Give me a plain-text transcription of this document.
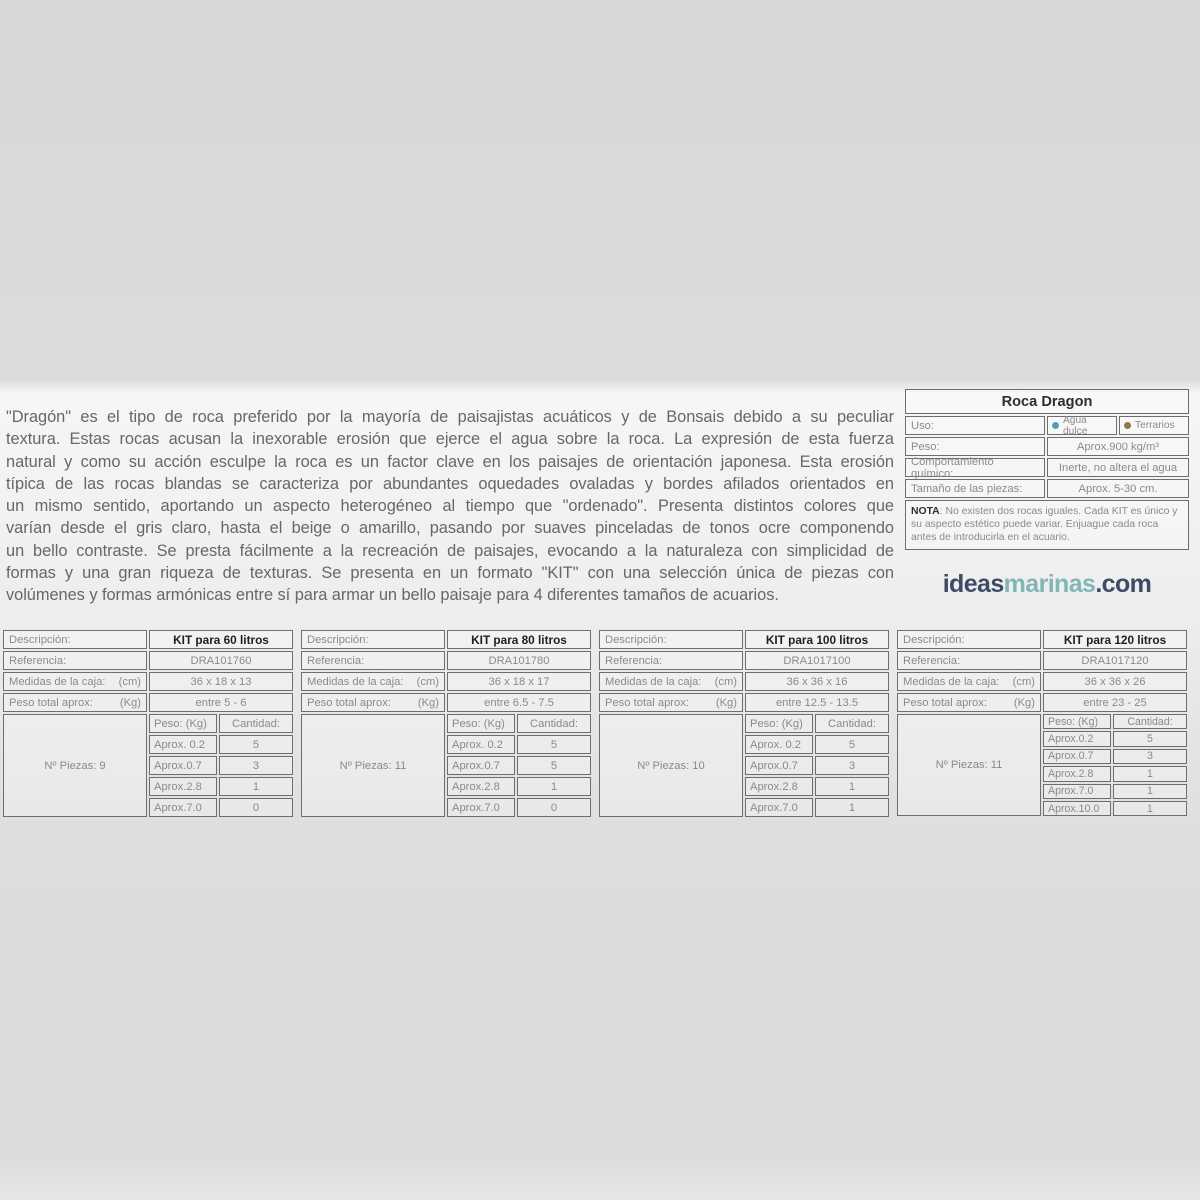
"Dragón" es el tipo de roca preferido por la mayoría de paisajistas acuáticos y de Bonsais debido a su peculiar
textura. Estas rocas acusan la inexorable erosión que ejerce el agua sobre la roca. La expresión de esta fuerza
natural y como su acción esculpe la roca es un factor clave en los paisajes de orientación japonesa. Esta erosión
típica de las rocas blandas se caracteriza por abundantes oquedades ovaladas y bordes afilados orientados en
un mismo sentido, aportando un aspecto heterogéneo al tiempo que "ordenado". Presenta distintos colores que
varían desde el gris claro, hasta el beige o amarillo, pasando por suaves pinceladas de tonos ocre componendo
un bello contraste. Se presta fácilmente a la recreación de paisajes, evocando a la naturaleza con simplicidad de
formas y una gran riqueza de texturas. Se presenta en un formato "KIT" con una selección única de piezas con
volúmenes y formas armónicas entre sí para armar un bello paisaje para 4 diferentes tamaños de acuarios.
Roca Dragon
Uso:	Agua dulce	Terrarios
Peso:	Aprox.900 kg/m³
Comportamiento químico:	Inerte, no altera el agua
Tamaño de las piezas:	Aprox. 5-30 cm.
NOTA: No existen dos rocas iguales. Cada KIT es único y su aspecto estético puede variar. Enjuague cada roca antes de introducirla en el acuario.
ideasmarinas.com
Descripción:	KIT para 60 litros
Referencia:	DRA101760
Medidas de la caja: (cm)	36 x 18 x 13
Peso total aprox: (Kg)	entre 5 - 6
Nº Piezas: 9
Peso: (Kg)	Cantidad:
Aprox. 0.2	5
Aprox.0.7	3
Aprox.2.8	1
Aprox.7.0	0
Descripción:	KIT para 80 litros
Referencia:	DRA101780
Medidas de la caja: (cm)	36 x 18 x 17
Peso total aprox: (Kg)	entre 6.5 - 7.5
Nº Piezas: 11
Peso: (Kg)	Cantidad:
Aprox. 0.2	5
Aprox.0.7	5
Aprox.2.8	1
Aprox.7.0	0
Descripción:	KIT para 100 litros
Referencia:	DRA1017100
Medidas de la caja: (cm)	36 x 36 x 16
Peso total aprox: (Kg)	entre 12.5 - 13.5
Nº Piezas: 10
Peso: (Kg)	Cantidad:
Aprox. 0.2	5
Aprox.0.7	3
Aprox.2.8	1
Aprox.7.0	1
Descripción:	KIT para 120 litros
Referencia:	DRA1017120
Medidas de la caja: (cm)	36 x 36 x 26
Peso total aprox: (Kg)	entre 23 - 25
Nº Piezas: 11
Peso: (Kg)	Cantidad:
Aprox.0.2	5
Aprox.0.7	3
Aprox.2.8	1
Aprox.7.0	1
Aprox.10.0	1
